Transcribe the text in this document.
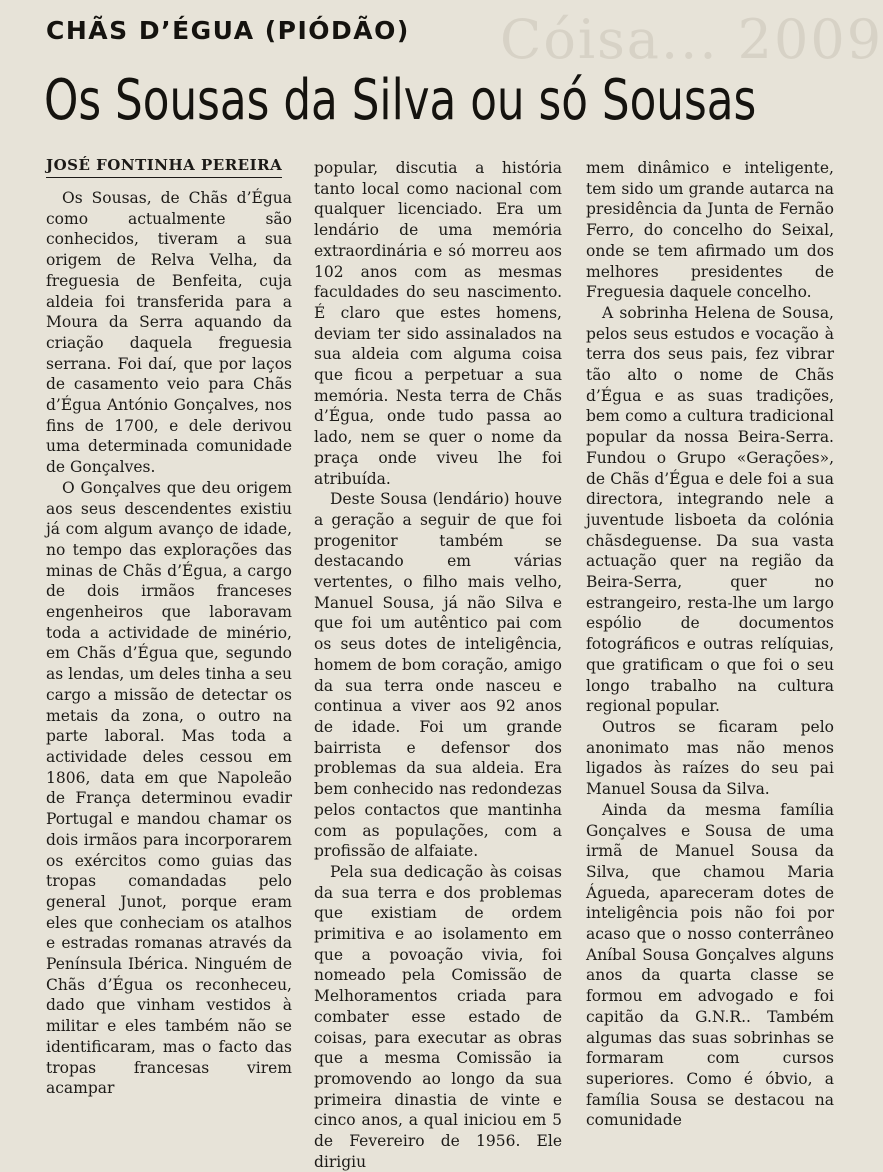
Cóisa... 2009
CHÃS D’ÉGUA (PIÓDÃO)
Os Sousas da Silva ou só Sousas
JOSÉ FONTINHA PEREIRA

Os Sousas, de Chãs d’Égua como actualmente são conhecidos, tiveram a sua origem de Relva Velha, da freguesia de Benfeita, cuja aldeia foi transferida para a Moura da Serra aquando da criação daquela freguesia serrana. Foi daí, que por laços de casamento veio para Chãs d’Égua António Gonçalves, nos fins de 1700, e dele derivou uma determinada comunidade de Gonçalves.

O Gonçalves que deu origem aos seus descendentes existiu já com algum avanço de idade, no tempo das explorações das minas de Chãs d’Égua, a cargo de dois irmãos franceses engenheiros que laboravam toda a actividade de minério, em Chãs d’Égua que, segundo as lendas, um deles tinha a seu cargo a missão de detectar os metais da zona, o outro na parte laboral. Mas toda a actividade deles cessou em 1806, data em que Napoleão de França determinou evadir Portugal e mandou chamar os dois irmãos para incorporarem os exércitos como guias das tropas comandadas pelo general Junot, porque eram eles que conheciam os atalhos e estradas romanas através da Península Ibérica. Ninguém de Chãs d’Égua os reconheceu, dado que vinham vestidos à militar e eles também não se identificaram, mas o facto das tropas francesas virem acampar

popular, discutia a história tanto local como nacional com qualquer licenciado. Era um lendário de uma memória extraordinária e só morreu aos 102 anos com as mesmas faculdades do seu nascimento. É claro que estes homens, deviam ter sido assinalados na sua aldeia com alguma coisa que ficou a perpetuar a sua memória. Nesta terra de Chãs d’Égua, onde tudo passa ao lado, nem se quer o nome da praça onde viveu lhe foi atribuída.

Deste Sousa (lendário) houve a geração a seguir de que foi progenitor também se destacando em várias vertentes, o filho mais velho, Manuel Sousa, já não Silva e que foi um autêntico pai com os seus dotes de inteligência, homem de bom coração, amigo da sua terra onde nasceu e continua a viver aos 92 anos de idade. Foi um grande bairrista e defensor dos problemas da sua aldeia. Era bem conhecido nas redondezas pelos contactos que mantinha com as populações, com a profissão de alfaiate.

Pela sua dedicação às coisas da sua terra e dos problemas que existiam de ordem primitiva e ao isolamento em que a povoação vivia, foi nomeado pela Comissão de Melhoramentos criada para combater esse estado de coisas, para executar as obras que a mesma Comissão ia promovendo ao longo da sua primeira dinastia de vinte e cinco anos, a qual iniciou em 5 de Fevereiro de 1956. Ele dirigiu

mem dinâmico e inteligente, tem sido um grande autarca na presidência da Junta de Fernão Ferro, do concelho do Seixal, onde se tem afirmado um dos melhores presidentes de Freguesia daquele concelho.

A sobrinha Helena de Sousa, pelos seus estudos e vocação à terra dos seus pais, fez vibrar tão alto o nome de Chãs d’Égua e as suas tradições, bem como a cultura tradicional popular da nossa Beira-Serra. Fundou o Grupo «Gerações», de Chãs d’Égua e dele foi a sua directora, integrando nele a juventude lisboeta da colónia chãsdeguense. Da sua vasta actuação quer na região da Beira-Serra, quer no estrangeiro, resta-lhe um largo espólio de documentos fotográficos e outras relíquias, que gratificam o que foi o seu longo trabalho na cultura regional popular.

Outros se ficaram pelo anonimato mas não menos ligados às raízes do seu pai Manuel Sousa da Silva.

Ainda da mesma família Gonçalves e Sousa de uma irmã de Manuel Sousa da Silva, que chamou Maria Águeda, apareceram dotes de inteligência pois não foi por acaso que o nosso conterrâneo Aníbal Sousa Gonçalves alguns anos da quarta classe se formou em advogado e foi capitão da G.N.R.. Também algumas das suas sobrinhas se formaram com cursos superiores. Como é óbvio, a família Sousa se destacou na comunidade
